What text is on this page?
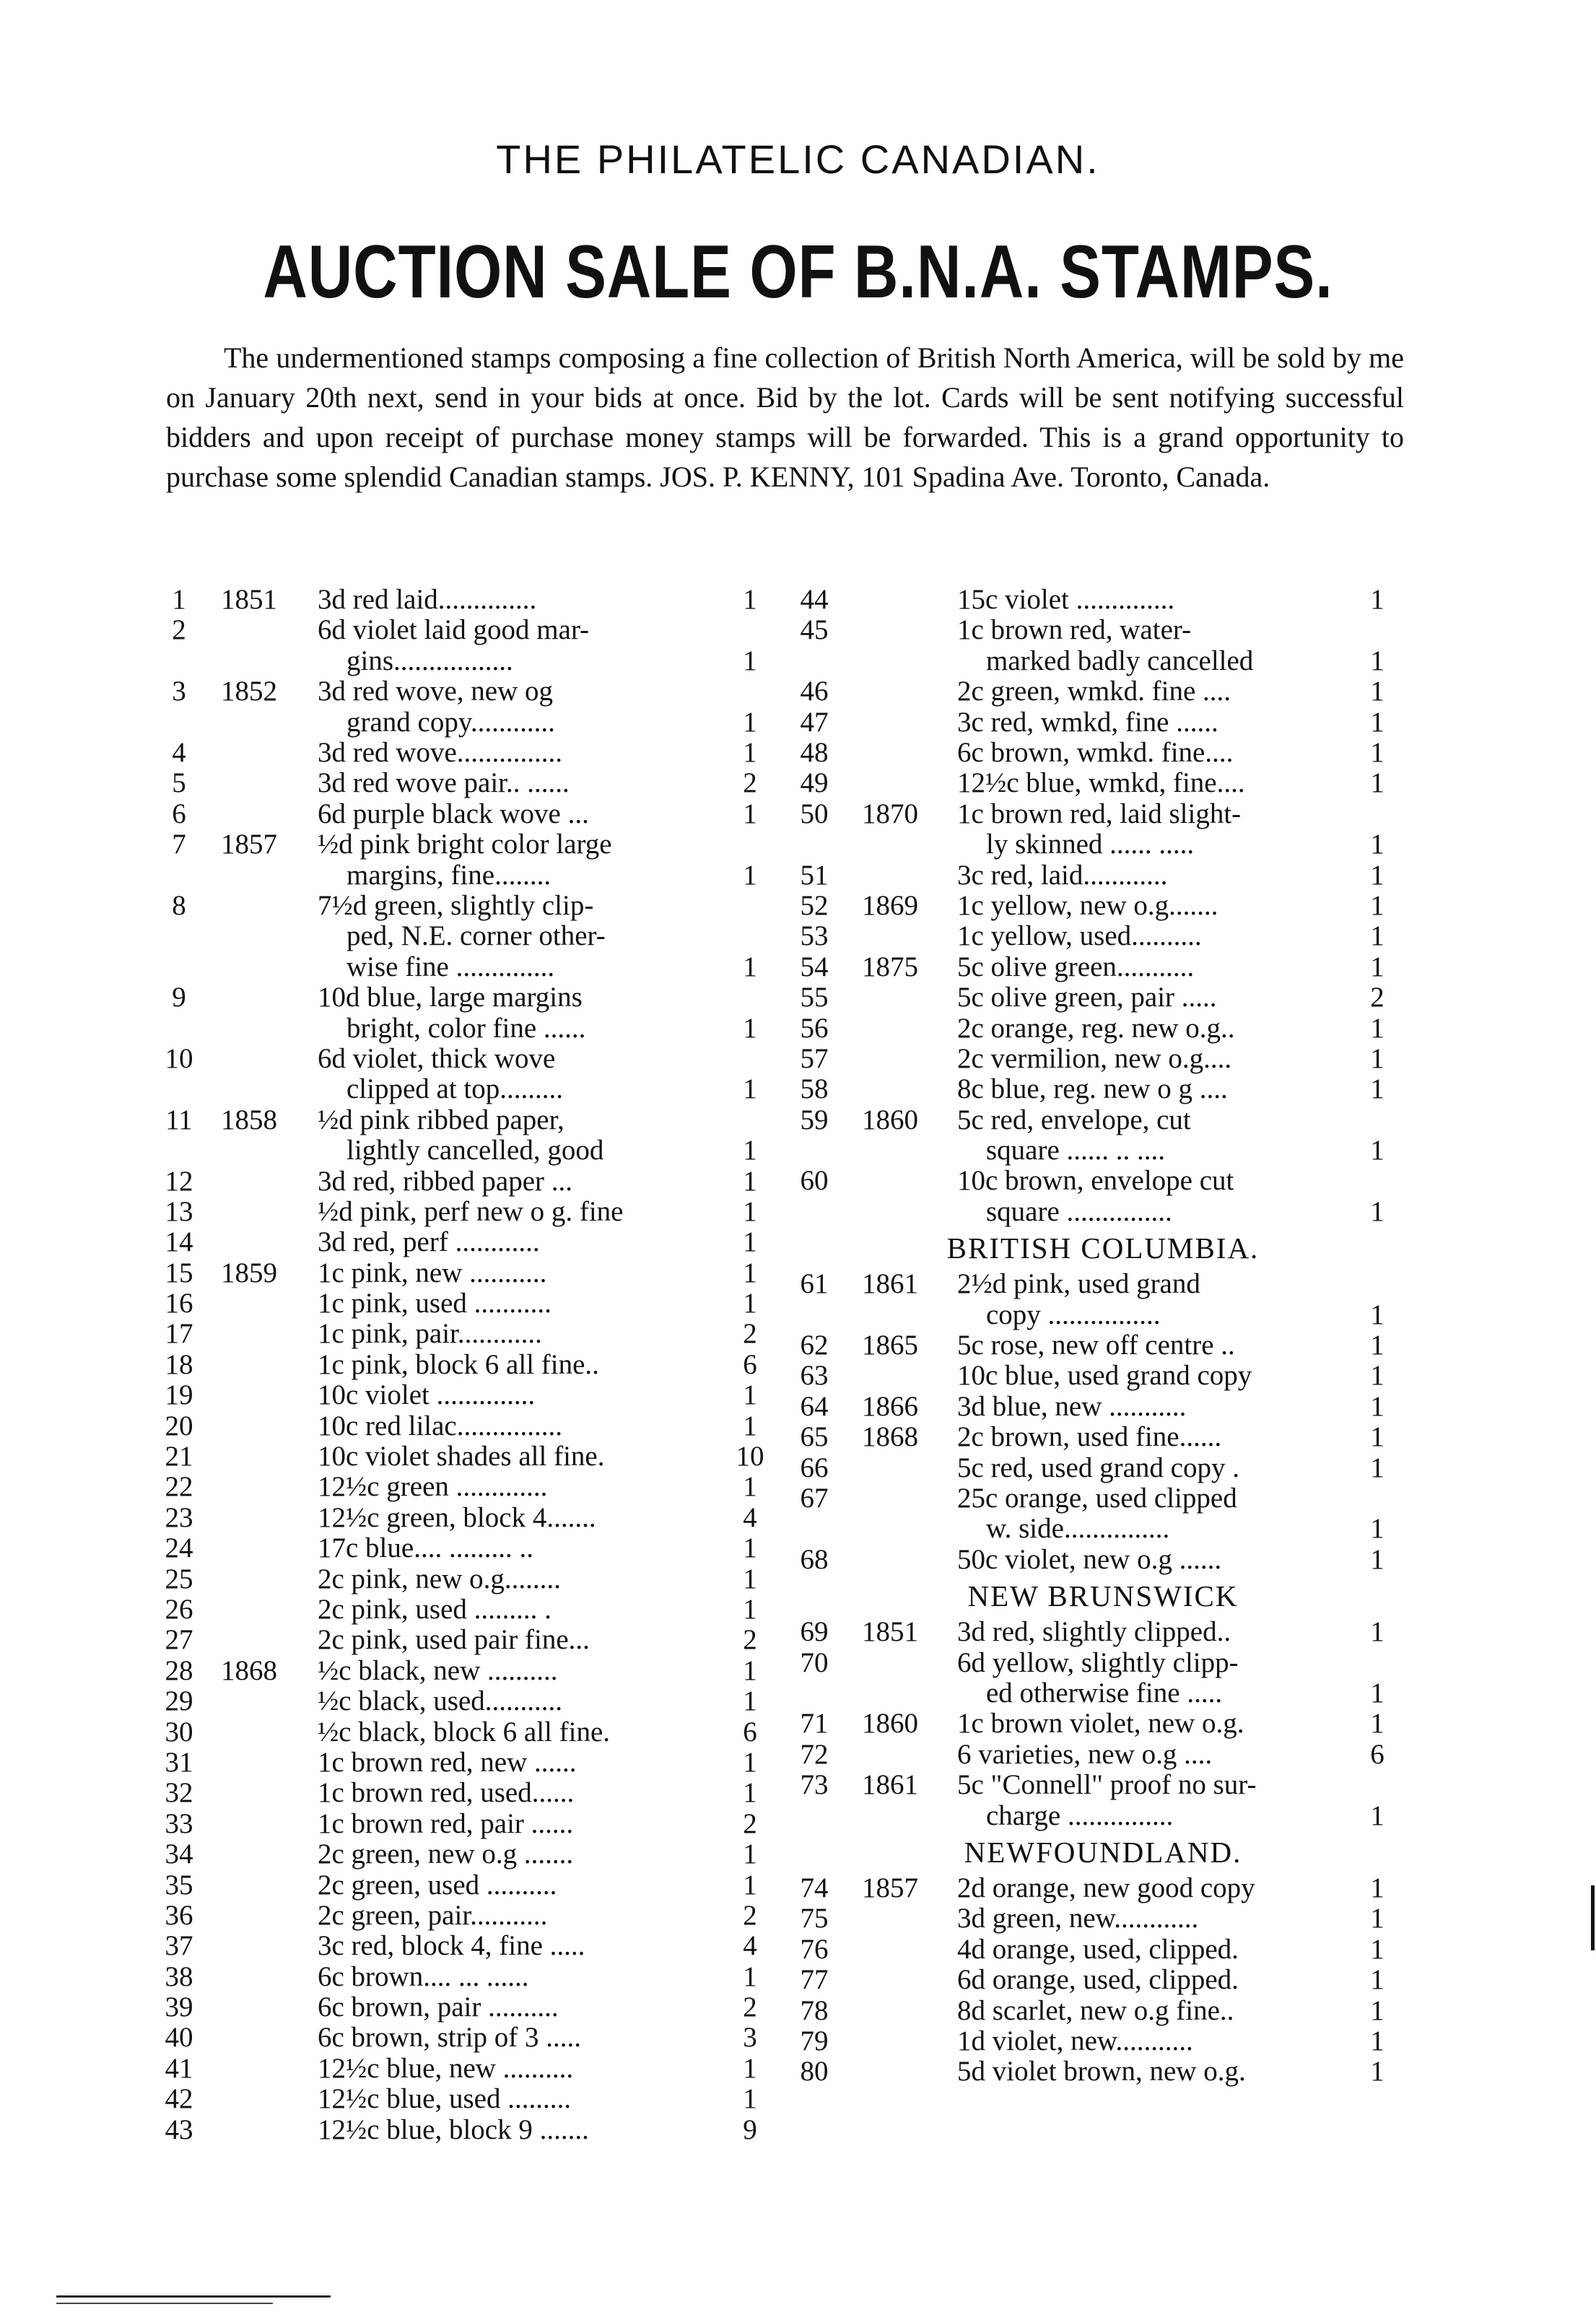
THE PHILATELIC CANADIAN.
AUCTION SALE OF B.N.A. STAMPS.
The undermentioned stamps composing a fine collection of British North America, will be sold by me on January 20th next, send in your bids at once. Bid by the lot. Cards will be sent notifying successful bidders and upon receipt of purchase money stamps will be forwarded. This is a grand opportunity to purchase some splendid Canadian stamps. JOS. P. KENNY, 101 Spadina Ave. Toronto, Canada.
1	1851 3d red laid..............	1
2	6d violet laid good mar-
gins.................	1
3	1852 3d red wove, new og
grand copy............	1
4	3d red wove...............	1
5	3d red wove pair.. ......	2
6	6d purple black wove ...	1
7	1857 ½d pink bright color large
margins, fine........	1
8	7½d green, slightly clip-
ped, N.E. corner other-
wise fine ..............	1
9	10d blue, large margins
bright, color fine ......	1
10	6d violet, thick wove
clipped at top.........	1
11 1858 ½d pink ribbed paper,
lightly cancelled, good	1
12	3d red, ribbed paper ...	1
13	½d pink, perf new o g. fine	1
14	3d red, perf ............	1
15 1859 1c pink, new ...........	1
16	1c pink, used ...........	1
17	1c pink, pair............	2
18	1c pink, block 6 all fine..	6
19	10c violet ..............	1
20	10c red lilac...............	1
21	10c violet shades all fine.	10
22	12½c green .............	1
23	12½c green, block 4.......	4
24	17c blue.... ......... ..	1
25	2c pink, new o.g........	1
26	2c pink, used ......... .	1
27	2c pink, used pair fine...	2
28 1868 ½c black, new ..........	1
29	½c black, used...........	1
30	½c black, block 6 all fine.	6
31	1c brown red, new ......	1
32	1c brown red, used......	1
33	1c brown red, pair ......	2
34	2c green, new o.g .......	1
35	2c green, used ..........	1
36	2c green, pair...........	2
37	3c red, block 4, fine .....	4
38	6c brown.... ... ......	1
39	6c brown, pair ..........	2
40	6c brown, strip of 3 .....	3
41	12½c blue, new ..........	1
42	12½c blue, used .........	1
43	12½c blue, block 9 .......	9
44	15c violet ..............	1
45	1c brown red, water-
marked badly cancelled	1
46	2c green, wmkd. fine ....	1
47	3c red, wmkd, fine ......	1
48	6c brown, wmkd. fine....	1
49	12½c blue, wmkd, fine....	1
50 1870 1c brown red, laid slight-
ly skinned ...... .....	1
51	3c red, laid............	1
52 1869 1c yellow, new o.g.......	1
53	1c yellow, used..........	1
54 1875 5c olive green...........	1
55	5c olive green, pair .....	2
56	2c orange, reg. new o.g..	1
57	2c vermilion, new o.g....	1
58	8c blue, reg. new o g ....	1
59 1860 5c red, envelope, cut
square ...... .. ....	1
60	10c brown, envelope cut
square ...............	1
BRITISH COLUMBIA.
61 1861 2½d pink, used grand
copy ................	1
62 1865 5c rose, new off centre ..	1
63	10c blue, used grand copy	1
64 1866 3d blue, new ...........	1
65 1868 2c brown, used fine......	1
66	5c red, used grand copy .	1
67	25c orange, used clipped
w. side...............	1
68	50c violet, new o.g ......	1
NEW BRUNSWICK
69 1851 3d red, slightly clipped..	1
70	6d yellow, slightly clipp-
ed otherwise fine .....	1
71 1860 1c brown violet, new o.g.	1
72	6 varieties, new o.g ....	6
73 1861 5c "Connell" proof no sur-
charge ...............	1
NEWFOUNDLAND.
74 1857 2d orange, new good copy	1
75	3d green, new............	1
76	4d orange, used, clipped.	1
77	6d orange, used, clipped.	1
78	8d scarlet, new o.g fine..	1
79	1d violet, new...........	1
80	5d violet brown, new o.g.	1
